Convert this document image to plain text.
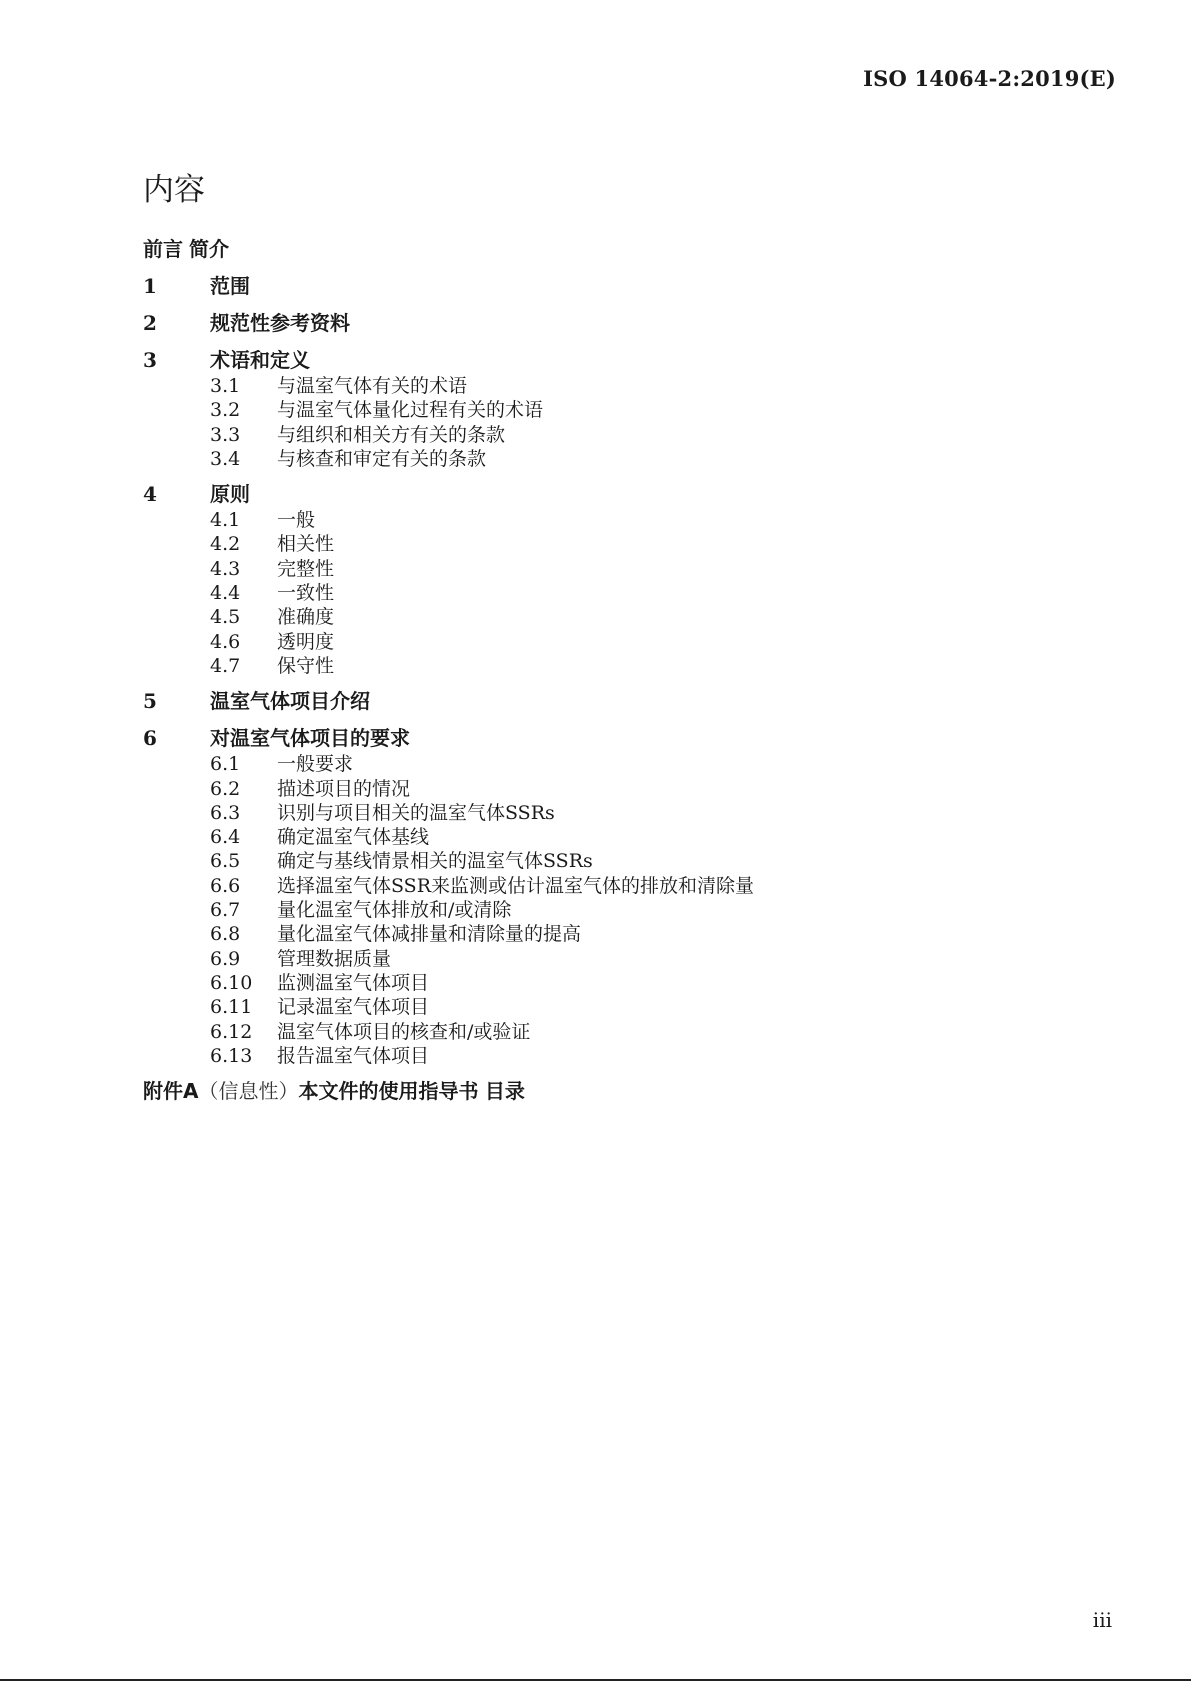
ISO 14064-2:2019(E)
内容
前言 简介
1	范围
2	规范性参考资料
3	术语和定义
3.1	与温室气体有关的术语
3.2	与温室气体量化过程有关的术语
3.3	与组织和相关方有关的条款
3.4	与核查和审定有关的条款
4	原则
4.1	一般
4.2	相关性
4.3	完整性
4.4	一致性
4.5	准确度
4.6	透明度
4.7	保守性
5	温室气体项目介绍
6	对温室气体项目的要求
6.1	一般要求
6.2	描述项目的情况
6.3	识别与项目相关的温室气体SSRs
6.4	确定温室气体基线
6.5	确定与基线情景相关的温室气体SSRs
6.6	选择温室气体SSR来监测或估计温室气体的排放和清除量
6.7	量化温室气体排放和/或清除
6.8	量化温室气体减排量和清除量的提高
6.9	管理数据质量
6.10	监测温室气体项目
6.11	记录温室气体项目
6.12	温室气体项目的核查和/或验证
6.13	报告温室气体项目
附件A（信息性）本文件的使用指导书 目录
iii
